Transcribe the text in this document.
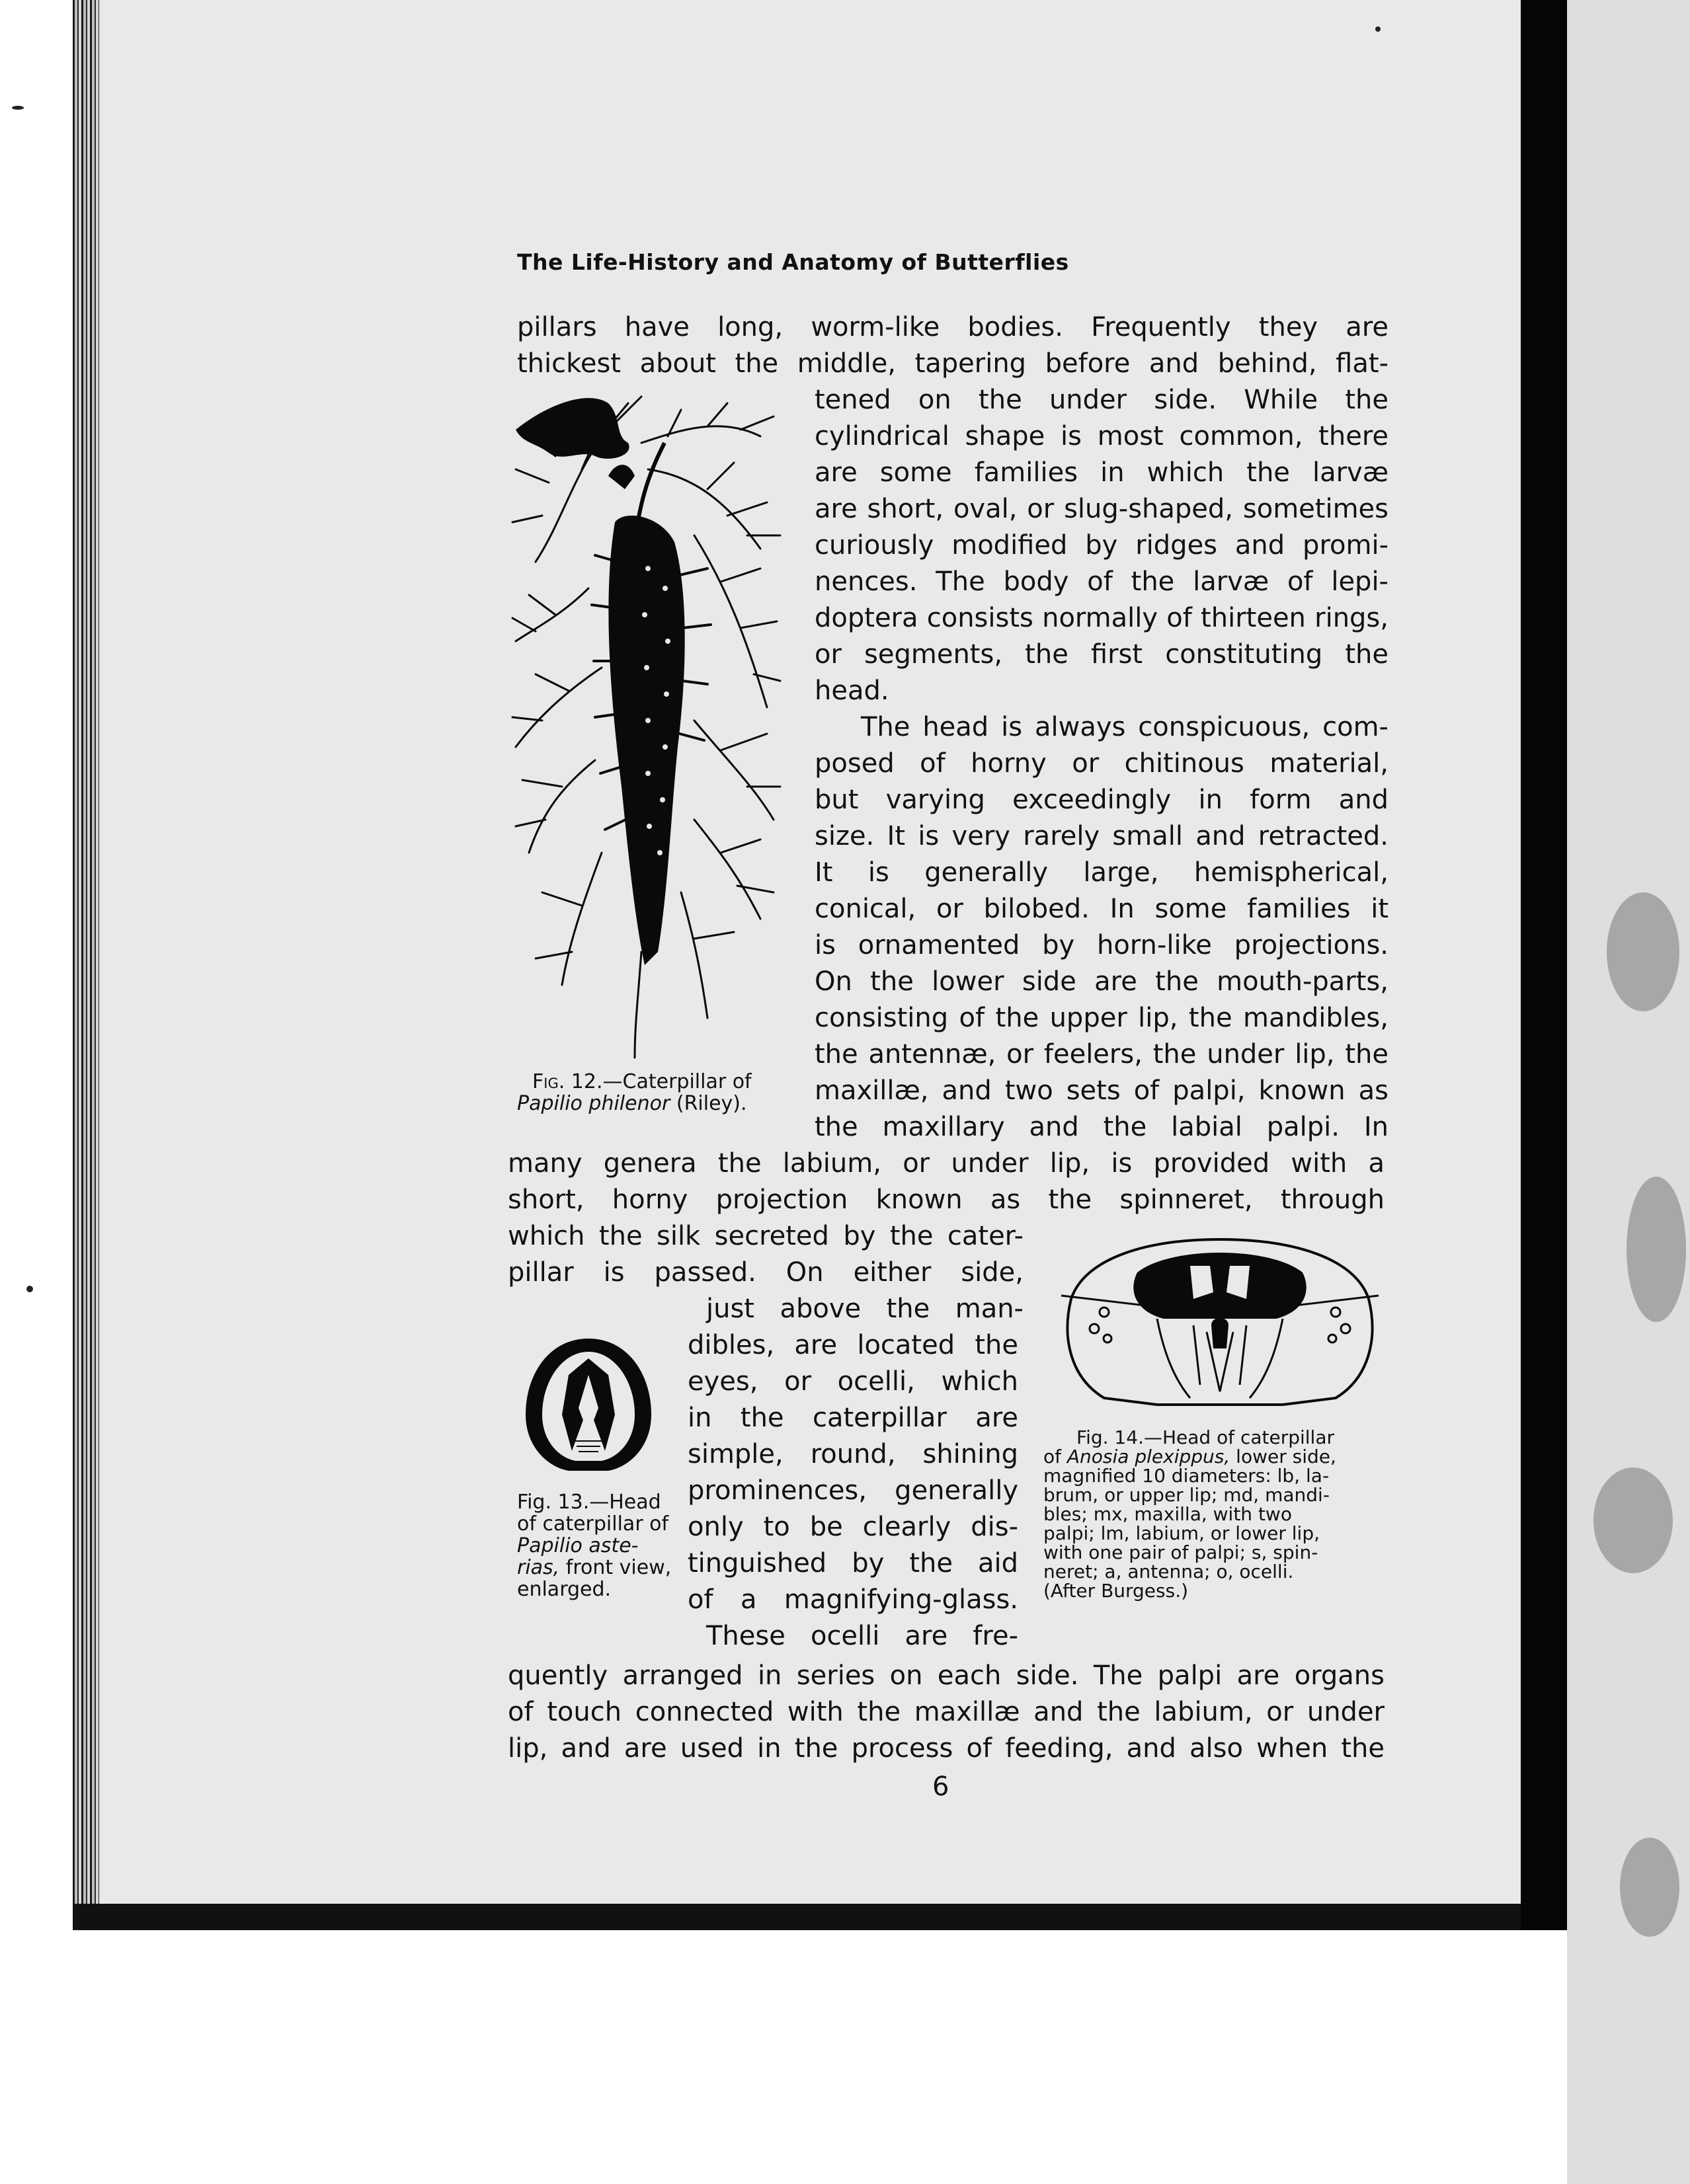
The Life-History and Anatomy of Butterflies
pillars have long, worm-like bodies. Frequently they are
thickest about the middle, tapering before and behind, flat-
tened on the under side. While the
cylindrical shape is most common, there
are some families in which the larvæ
are short, oval, or slug-shaped, sometimes
curiously modified by ridges and promi-
nences. The body of the larvæ of lepi-
doptera consists normally of thirteen rings,
or segments, the first constituting the
head.
The head is always conspicuous, com-
posed of horny or chitinous material,
but varying exceedingly in form and
size. It is very rarely small and retracted.
It is generally large, hemispherical,
conical, or bilobed. In some families it
is ornamented by horn-like projections.
On the lower side are the mouth-parts,
consisting of the upper lip, the mandibles,
the antennæ, or feelers, the under lip, the
maxillæ, and two sets of palpi, known as
the maxillary and the labial palpi. In
many genera the labium, or under lip, is provided with a
short, horny projection known as the spinneret, through
which the silk secreted by the cater-
pillar is passed. On either side,
just above the man-
dibles, are located the
eyes, or ocelli, which
in the caterpillar are
simple, round, shining
prominences, generally
only to be clearly dis-
tinguished by the aid
of a magnifying-glass.
These ocelli are fre-
quently arranged in series on each side. The palpi are organs
of touch connected with the maxillæ and the labium, or under
lip, and are used in the process of feeding, and also when the
6
Fig. 12.—Caterpillar of
Papilio philenor (Riley).
Fig. 13.—Head
of caterpillar of
Papilio aste-
rias, front view,
enlarged.
Fig. 14.—Head of caterpillar
of Anosia plexippus, lower side,
magnified 10 diameters: lb, la-
brum, or upper lip; md, mandi-
bles; mx, maxilla, with two
palpi; lm, labium, or lower lip,
with one pair of palpi; s, spin-
neret; a, antenna; o, ocelli.
(After Burgess.)
